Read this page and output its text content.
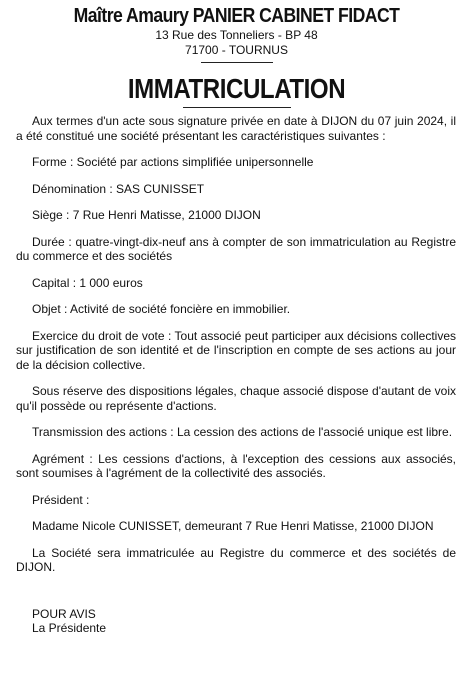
Maître Amaury PANIER CABINET FIDACT
13 Rue des Tonneliers - BP 48
71700 - TOURNUS
IMMATRICULATION

Aux termes d'un acte sous signature privée en date à DIJON du 07 juin 2024, il a été constitué une société présentant les caractéristiques suivantes :

Forme : Société par actions simplifiée unipersonnelle

Dénomination : SAS CUNISSET

Siège : 7 Rue Henri Matisse, 21000 DIJON

Durée : quatre-vingt-dix-neuf ans à compter de son immatriculation au Registre du commerce et des sociétés

Capital : 1 000 euros

Objet : Activité de société foncière en immobilier.

Exercice du droit de vote : Tout associé peut participer aux décisions collectives sur justification de son identité et de l'inscription en compte de ses actions au jour de la décision collective.

Sous réserve des dispositions légales, chaque associé dispose d'autant de voix qu'il possède ou représente d'actions.

Transmission des actions : La cession des actions de l'associé unique est libre.

Agrément : Les cessions d'actions, à l'exception des cessions aux associés, sont soumises à l'agrément de la collectivité des associés.

Président :

Madame Nicole CUNISSET, demeurant 7 Rue Henri Matisse, 21000 DIJON

La Société sera immatriculée au Registre du commerce et des sociétés de DIJON.

POUR AVIS
La Présidente
